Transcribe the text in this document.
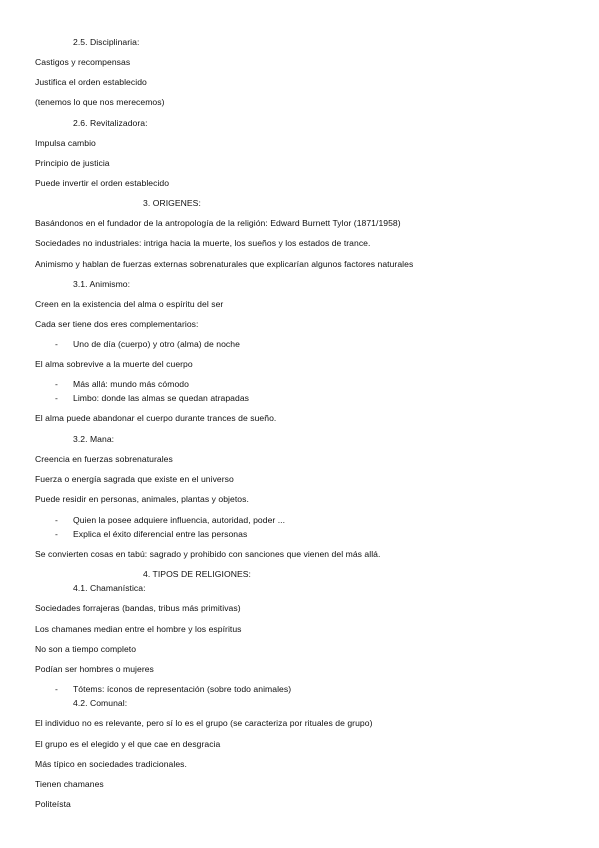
2.5. Disciplinaria:
Castigos y recompensas
Justifica el orden establecido
(tenemos lo que nos merecemos)
2.6. Revitalizadora:
Impulsa cambio
Principio de justicia
Puede invertir el orden establecido
3. ORIGENES:
Basándonos en el fundador de la antropología de la religión: Edward Burnett Tylor (1871/1958)
Sociedades no industriales: intriga hacia la muerte, los sueños y los estados de trance.
Animismo y hablan de fuerzas externas sobrenaturales que explicarían algunos factores naturales
3.1. Animismo:
Creen en la existencia del alma o espíritu del ser
Cada ser tiene dos eres complementarios:
- Uno de día (cuerpo) y otro (alma) de noche
El alma sobrevive a la muerte del cuerpo
- Más allá: mundo más cómodo
- Limbo: donde las almas se quedan atrapadas
El alma puede abandonar el cuerpo durante trances de sueño.
3.2. Mana:
Creencia en fuerzas sobrenaturales
Fuerza o energía sagrada que existe en el universo
Puede residir en personas, animales, plantas y objetos.
- Quien la posee adquiere influencia, autoridad, poder ...
- Explica el éxito diferencial entre las personas
Se convierten cosas en tabú: sagrado y prohibido con sanciones que vienen del más allá.
4. TIPOS DE RELIGIONES:
4.1. Chamanística:
Sociedades forrajeras (bandas, tribus más primitivas)
Los chamanes median entre el hombre y los espíritus
No son a tiempo completo
Podían ser hombres o mujeres
- Tótems: íconos de representación (sobre todo animales)
4.2. Comunal:
El individuo no es relevante, pero sí lo es el grupo (se caracteriza por rituales de grupo)
El grupo es el elegido y el que cae en desgracia
Más típico en sociedades tradicionales.
Tienen chamanes
Politeísta
